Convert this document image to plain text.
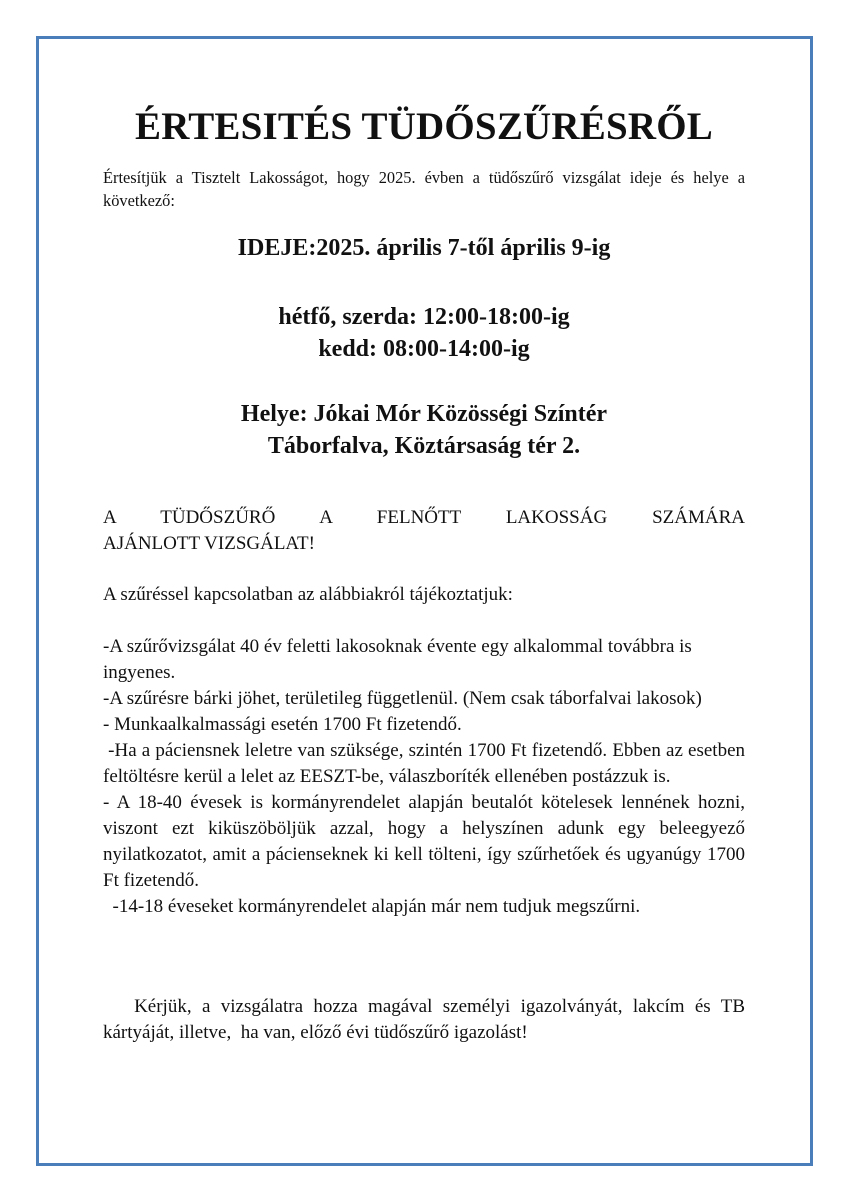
ÉRTESITÉS TÜDŐSZŰRÉSRŐL

Értesítjük a Tisztelt Lakosságot, hogy 2025. évben a tüdőszűrő vizsgálat ideje és helye a következő:

IDEJE:2025. április 7-től április 9-ig

hétfő, szerda: 12:00-18:00-ig
kedd: 08:00-14:00-ig
Helye: Jókai Mór Közösségi Színtér
Táborfalva, Köztársaság tér 2.
A TÜDŐSZŰRŐ A FELNŐTT LAKOSSÁG SZÁMÁRA
AJÁNLOTT VIZSGÁLAT!

A szűréssel kapcsolatban az alábbiakról tájékoztatjuk:

-A szűrővizsgálat 40 év feletti lakosoknak évente egy alkalommal továbbra is ingyenes.
-A szűrésre bárki jöhet, területileg függetlenül. (Nem csak táborfalvai lakosok)
- Munkaalkalmassági esetén 1700 Ft fizetendő.
-Ha a páciensnek leletre van szüksége, szintén 1700 Ft fizetendő. Ebben az esetben feltöltésre kerül a lelet az EESZT-be, válaszboríték ellenében postázzuk is.
- A 18-40 évesek is kormányrendelet alapján beutalót kötelesek lennének hozni, viszont ezt kiküszöböljük azzal, hogy a helyszínen adunk egy beleegyező nyilatkozatot, amit a pácienseknek ki kell tölteni, így szűrhetőek és ugyanúgy 1700 Ft fizetendő.
-14-18 éveseket kormányrendelet alapján már nem tudjuk megszűrni.

Kérjük, a vizsgálatra hozza magával személyi igazolványát, lakcím és TB kártyáját, illetve,  ha van, előző évi tüdőszűrő igazolást!
